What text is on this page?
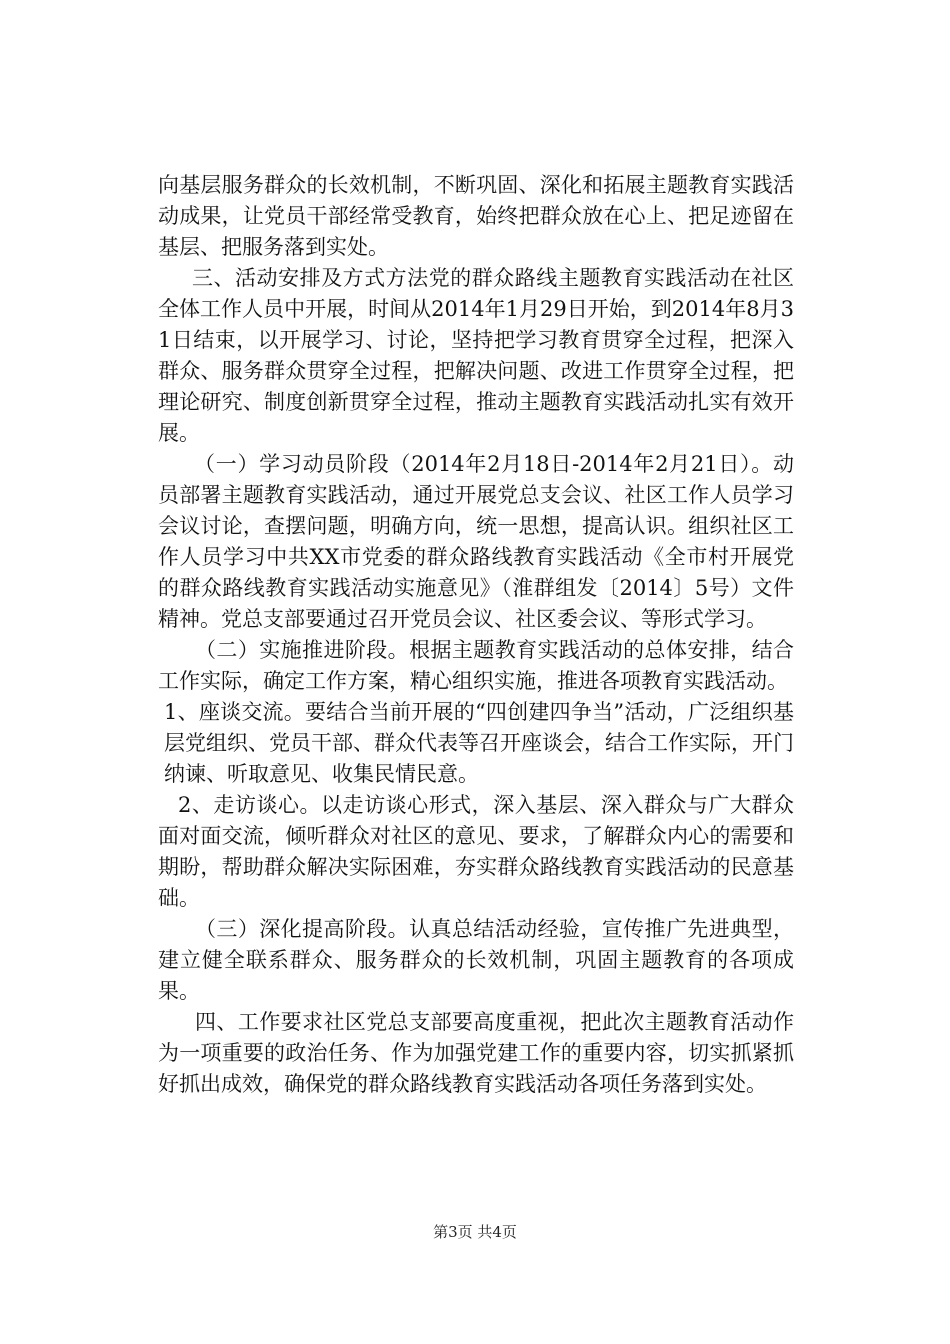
向基层服务群众的长效机制，不断巩固、深化和拓展主题教育实践活动成果，让党员干部经常受教育，始终把群众放在心上、把足迹留在基层、把服务落到实处。

三、活动安排及方式方法党的群众路线主题教育实践活动在社区全体工作人员中开展，时间从2014年1月29日开始，到2014年8月31日结束，以开展学习、讨论，坚持把学习教育贯穿全过程，把深入群众、服务群众贯穿全过程，把解决问题、改进工作贯穿全过程，把理论研究、制度创新贯穿全过程，推动主题教育实践活动扎实有效开展。

（一）学习动员阶段（2014年2月18日-2014年2月21日）。动员部署主题教育实践活动，通过开展党总支会议、社区工作人员学习会议讨论，查摆问题，明确方向，统一思想，提高认识。组织社区工作人员学习中共XX市党委的群众路线教育实践活动《全市村开展党的群众路线教育实践活动实施意见》（淮群组发〔2014〕5号）文件精神。党总支部要通过召开党员会议、社区委会议、等形式学习。

（二）实施推进阶段。根据主题教育实践活动的总体安排，结合工作实际，确定工作方案，精心组织实施，推进各项教育实践活动。

1、座谈交流。要结合当前开展的“四创建四争当”活动，广泛组织基层党组织、党员干部、群众代表等召开座谈会，结合工作实际，开门纳谏、听取意见、收集民情民意。

2、走访谈心。以走访谈心形式，深入基层、深入群众与广大群众面对面交流，倾听群众对社区的意见、要求，了解群众内心的需要和期盼，帮助群众解决实际困难，夯实群众路线教育实践活动的民意基础。

（三）深化提高阶段。认真总结活动经验，宣传推广先进典型，建立健全联系群众、服务群众的长效机制，巩固主题教育的各项成果。

四、工作要求社区党总支部要高度重视，把此次主题教育活动作为一项重要的政治任务、作为加强党建工作的重要内容，切实抓紧抓好抓出成效，确保党的群众路线教育实践活动各项任务落到实处。

第3页 共4页
